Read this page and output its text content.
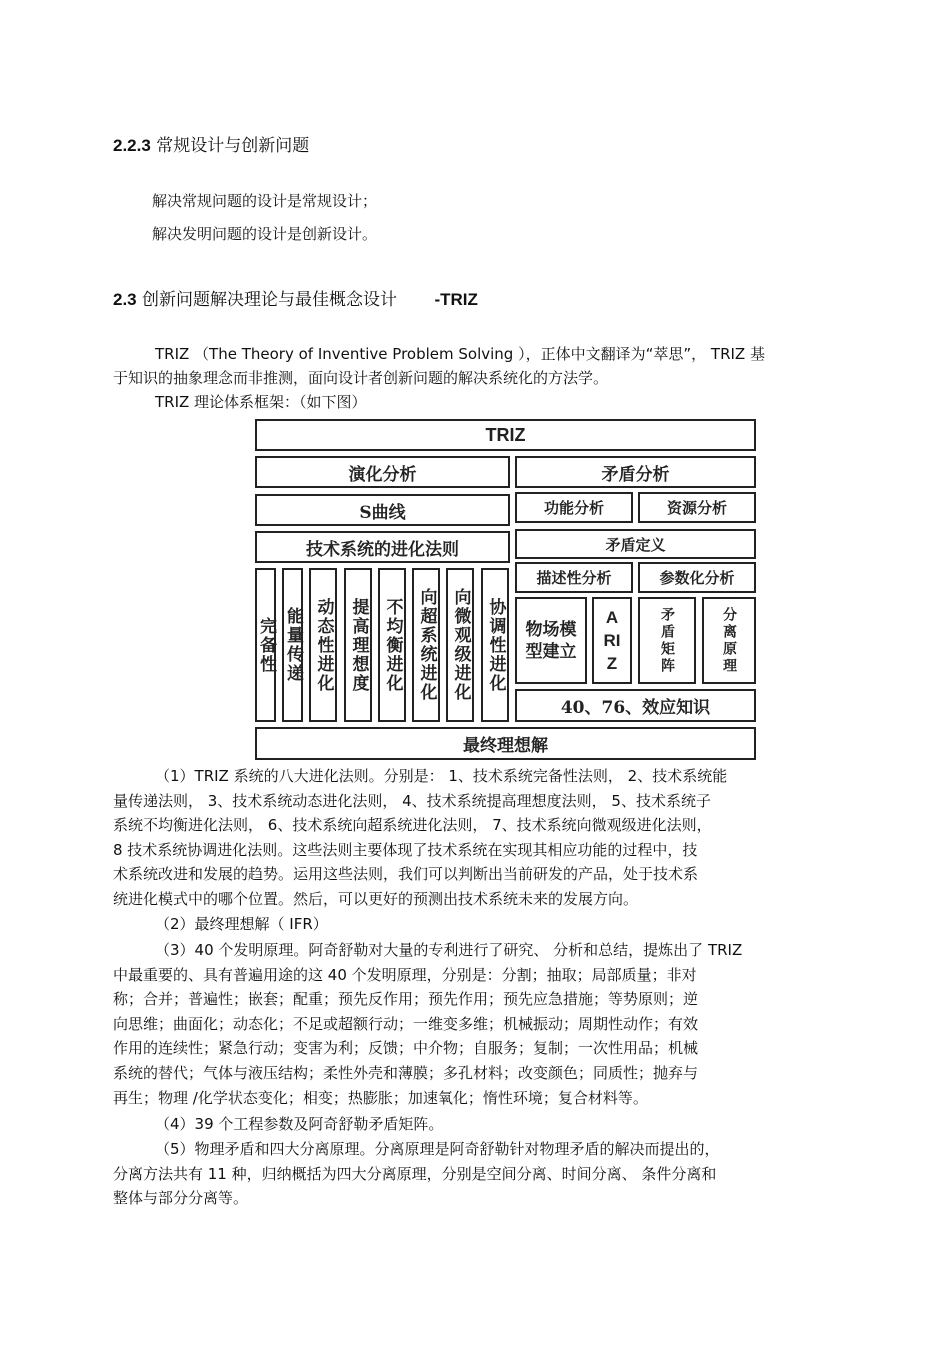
2.2.3 常规设计与创新问题
解决常规问题的设计是常规设计；
解决发明问题的设计是创新设计。
2.3 创新问题解决理论与最佳概念设计 -TRIZ
TRIZ （The Theory of Inventive Problem Solving ），正体中文翻译为“萃思”， TRIZ 基
于知识的抽象理念而非推测，面向设计者创新问题的解决系统化的方法学。
TRIZ 理论体系框架：（如下图）
TRIZ
演化分析	矛盾分析
S曲线	功能分析	资源分析
技术系统的进化法则	矛盾定义
描述性分析	参数化分析
完备性 能量传递 动态性进化 提高理想度 不均衡进化 向超系统进化 向微观级进化 协调性进化 物场模型建立
ARIZ	矛盾矩阵	分离原理
40、76、效应知识
最终理想解
（1）TRIZ 系统的八大进化法则。分别是： 1、技术系统完备性法则， 2、技术系统能
量传递法则， 3、技术系统动态进化法则， 4、技术系统提高理想度法则， 5、技术系统子
系统不均衡进化法则， 6、技术系统向超系统进化法则， 7、技术系统向微观级进化法则，
8 技术系统协调进化法则。这些法则主要体现了技术系统在实现其相应功能的过程中，技
术系统改进和发展的趋势。运用这些法则，我们可以判断出当前研发的产品，处于技术系
统进化模式中的哪个位置。然后，可以更好的预测出技术系统未来的发展方向。
（2）最终理想解（ IFR）
（3）40 个发明原理。阿奇舒勒对大量的专利进行了研究、 分析和总结，提炼出了 TRIZ
中最重要的、具有普遍用途的这 40 个发明原理，分别是：分割；抽取；局部质量；非对
称；合并；普遍性；嵌套；配重；预先反作用；预先作用；预先应急措施；等势原则；逆
向思维；曲面化；动态化；不足或超额行动；一维变多维；机械振动；周期性动作；有效
作用的连续性；紧急行动；变害为利；反馈；中介物；自服务；复制；一次性用品；机械
系统的替代；气体与液压结构；柔性外壳和薄膜；多孔材料；改变颜色；同质性；抛弃与
再生；物理 /化学状态变化；相变；热膨胀；加速氧化；惰性环境；复合材料等。
（4）39 个工程参数及阿奇舒勒矛盾矩阵。
（5）物理矛盾和四大分离原理。分离原理是阿奇舒勒针对物理矛盾的解决而提出的，
分离方法共有 11 种，归纳概括为四大分离原理，分别是空间分离、时间分离、 条件分离和
整体与部分分离等。
